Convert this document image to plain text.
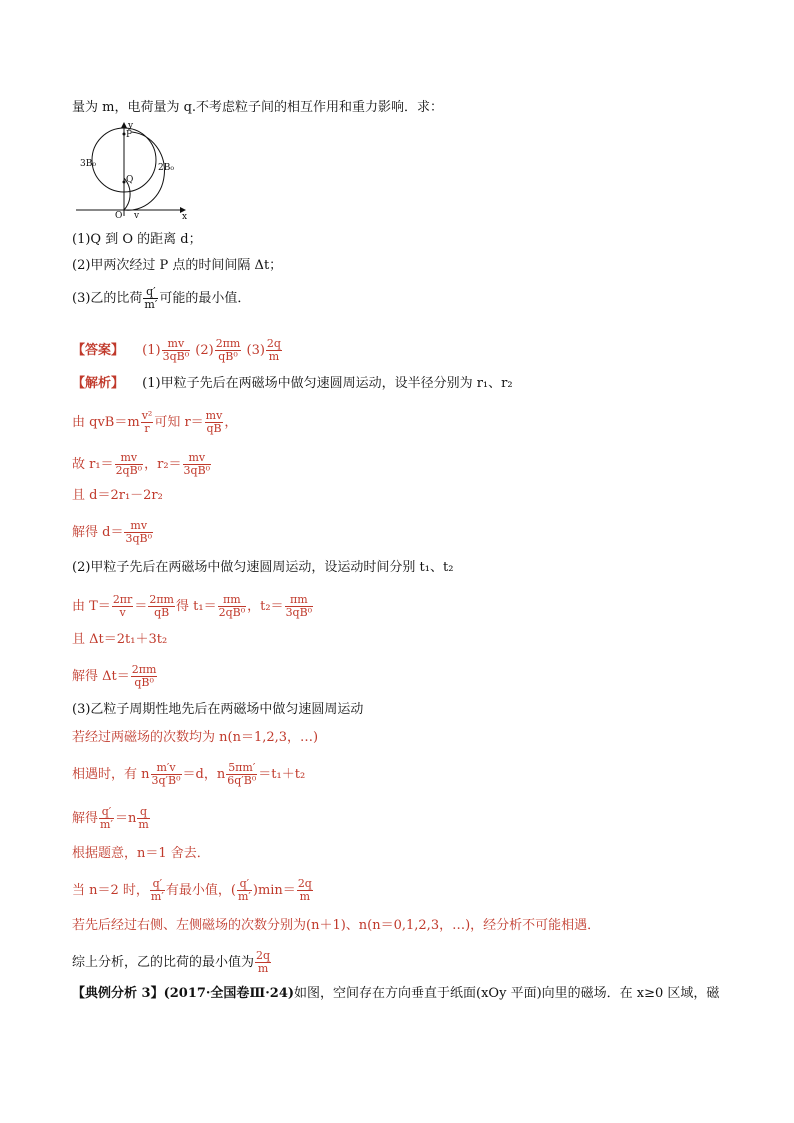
量为 m，电荷量为 q.不考虑粒子间的相互作用和重力影响．求：
y
x
O
P
Q
3B₀	2B₀
v
(1)Q 到 O 的距离 d；
(2)甲两次经过 P 点的时间间隔 Δt；
(3)乙的比荷 $\frac{q'}{m'}$ 可能的最小值．
【答案】 $(1) \frac{mv}{\text{3qB⁰}} (2) \frac{2\pi m}{\text{qB⁰}} (3) \frac{2q}{m}$
【解析】 (1)甲粒子先后在两磁场中做匀速圆周运动，设半径分别为 r₁、r₂
由 $qvB=m \frac{\text{v²}}{r}$ 可知 $r= \frac{mv}{qB}$ ，
故 $r_1= \frac{mv}{\text{2qB⁰}}$ ，$r_2= \frac{mv}{\text{3qB⁰}}$
且 d＝2r₁－2r₂
解得 $d= \frac{mv}{\text{3qB⁰}}$
(2)甲粒子先后在两磁场中做匀速圆周运动，设运动时间分别 t₁、t₂
由 $T= \frac{2\pi r}{v} = \frac{2\pi m}{qB}$ 得 $t_1= \frac{\pi m}{\text{2qB⁰}}$ ，$t_2= \frac{\pi m}{\text{3qB⁰}}$
且 Δt＝2t₁＋3t₂
解得 $\Delta t= \frac{2\pi m}{\text{qB⁰}}$
(3)乙粒子周期性地先后在两磁场中做匀速圆周运动
若经过两磁场的次数均为 n(n＝1,2,3，…)
相遇时，有 n $\frac{m'v}{\text{3q′B⁰}} =d$，n $\frac{5\pi m'}{\text{6q′B⁰}} =t_1+t_2$
解得 $\frac{q'}{m'} =n \frac{q}{m}$
根据题意，n＝1 舍去．
当 n＝2 时， $\frac{q'}{m'}$ 有最小值，( $\frac{q'}{m'} )\min= \frac{2q}{m}$
若先后经过右侧、左侧磁场的次数分别为(n＋1)、n(n＝0,1,2,3，…)，经分析不可能相遇．
综上分析，乙的比荷的最小值为 $\frac{2q}{m}$
【典例分析 3】(2017·全国卷Ⅲ·24)如图，空间存在方向垂直于纸面(xOy 平面)向里的磁场．在 x≥0 区域，磁
